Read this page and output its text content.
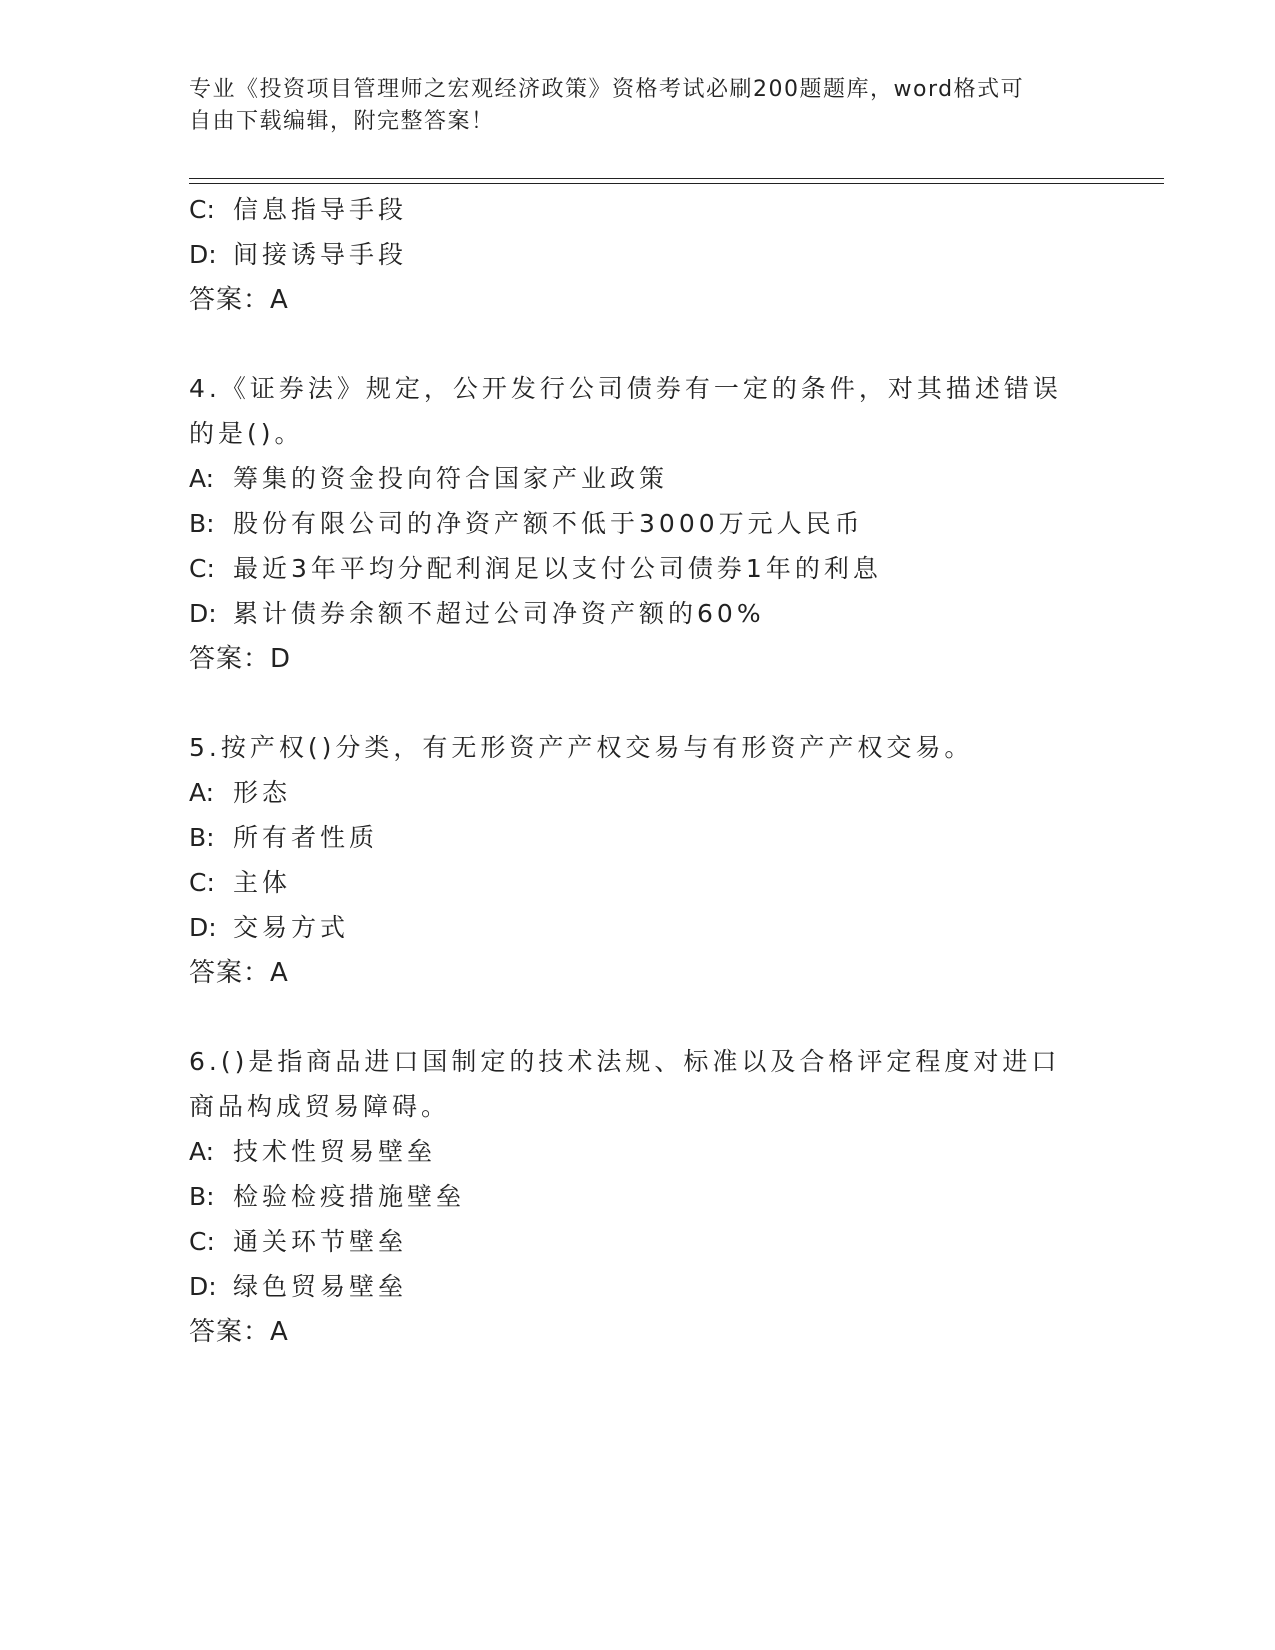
专业《投资项目管理师之宏观经济政策》资格考试必刷200题题库，word格式可
自由下载编辑，附完整答案！
C: 信息指导手段
D: 间接诱导手段
答案：A
4.《证券法》规定，公开发行公司债券有一定的条件，对其描述错误
的是()。
A: 筹集的资金投向符合国家产业政策
B: 股份有限公司的净资产额不低于3000万元人民币
C: 最近3年平均分配利润足以支付公司债券1年的利息
D: 累计债券余额不超过公司净资产额的60%
答案：D
5.按产权()分类，有无形资产产权交易与有形资产产权交易。
A: 形态
B: 所有者性质
C: 主体
D: 交易方式
答案：A
6.()是指商品进口国制定的技术法规、标准以及合格评定程度对进口
商品构成贸易障碍。
A: 技术性贸易壁垒
B: 检验检疫措施壁垒
C: 通关环节壁垒
D: 绿色贸易壁垒
答案：A
